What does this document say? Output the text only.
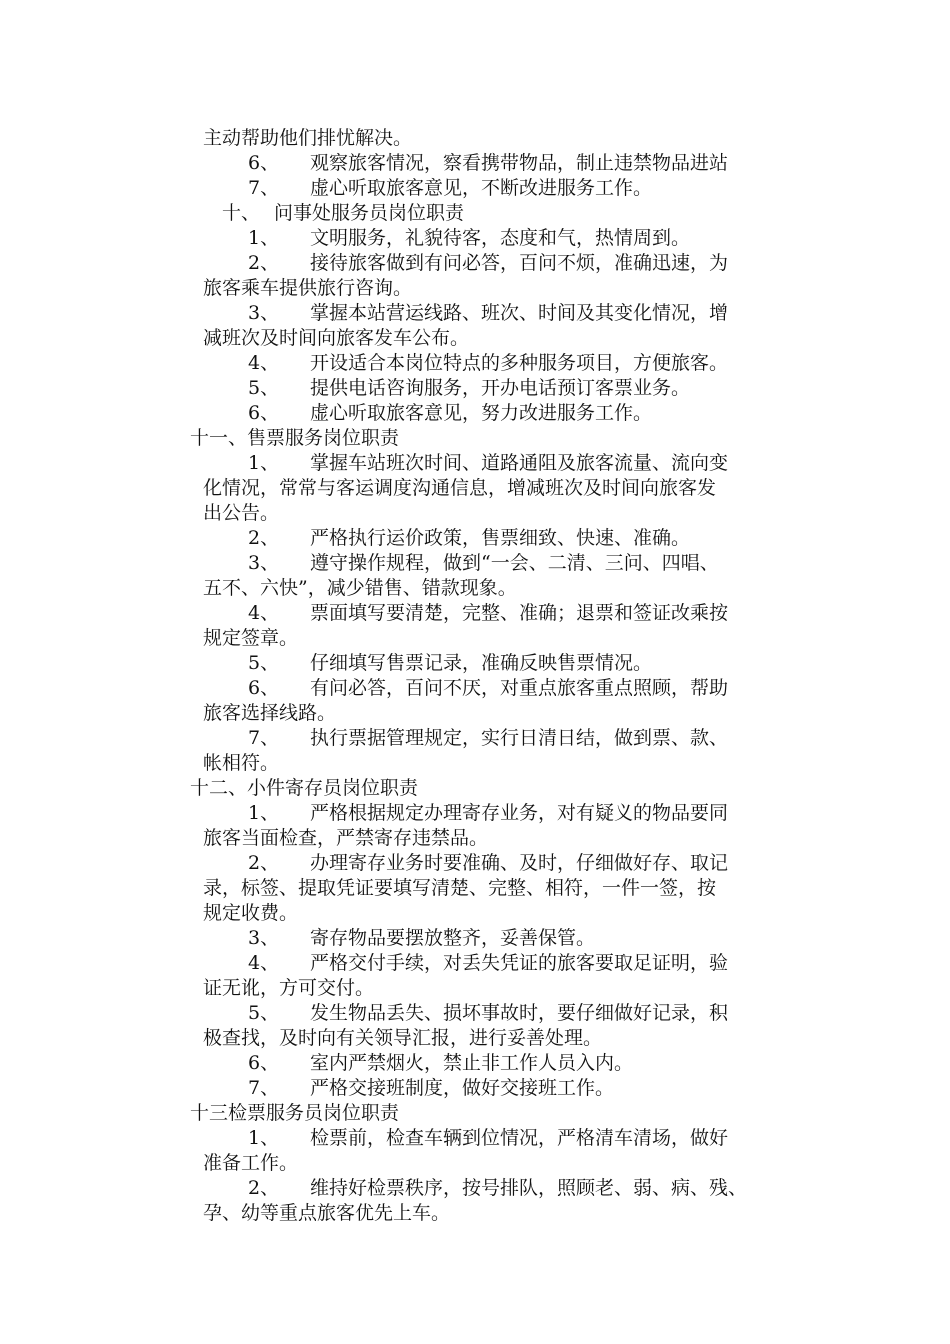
主动帮助他们排忧解决。
6、 观察旅客情况，察看携带物品，制止违禁物品进站
7、 虚心听取旅客意见，不断改进服务工作。
十、 问事处服务员岗位职责
1、 文明服务，礼貌待客，态度和气，热情周到。
2、 接待旅客做到有问必答，百问不烦，准确迅速，为
旅客乘车提供旅行咨询。
3、 掌握本站营运线路、班次、时间及其变化情况，增
减班次及时间向旅客发车公布。
4、 开设适合本岗位特点的多种服务项目，方便旅客。
5、 提供电话咨询服务，开办电话预订客票业务。
6、 虚心听取旅客意见，努力改进服务工作。
十一、售票服务岗位职责
1、 掌握车站班次时间、道路通阻及旅客流量、流向变
化情况，常常与客运调度沟通信息，增减班次及时间向旅客发
出公告。
2、 严格执行运价政策，售票细致、快速、准确。
3、 遵守操作规程，做到“一会、二清、三问、四唱、
五不、六快”，减少错售、错款现象。
4、 票面填写要清楚，完整、准确；退票和签证改乘按
规定签章。
5、 仔细填写售票记录，准确反映售票情况。
6、 有问必答，百问不厌，对重点旅客重点照顾，帮助
旅客选择线路。
7、 执行票据管理规定，实行日清日结，做到票、款、
帐相符。
十二、小件寄存员岗位职责
1、 严格根据规定办理寄存业务，对有疑义的物品要同
旅客当面检查，严禁寄存违禁品。
2、 办理寄存业务时要准确、及时，仔细做好存、取记
录，标签、提取凭证要填写清楚、完整、相符，一件一签，按
规定收费。
3、 寄存物品要摆放整齐，妥善保管。
4、 严格交付手续，对丢失凭证的旅客要取足证明，验
证无讹，方可交付。
5、 发生物品丢失、损坏事故时，要仔细做好记录，积
极查找，及时向有关领导汇报，进行妥善处理。
6、 室内严禁烟火，禁止非工作人员入内。
7、 严格交接班制度，做好交接班工作。
十三检票服务员岗位职责
1、 检票前，检查车辆到位情况，严格清车清场，做好
准备工作。
2、 维持好检票秩序，按号排队，照顾老、弱、病、残、
孕、幼等重点旅客优先上车。
